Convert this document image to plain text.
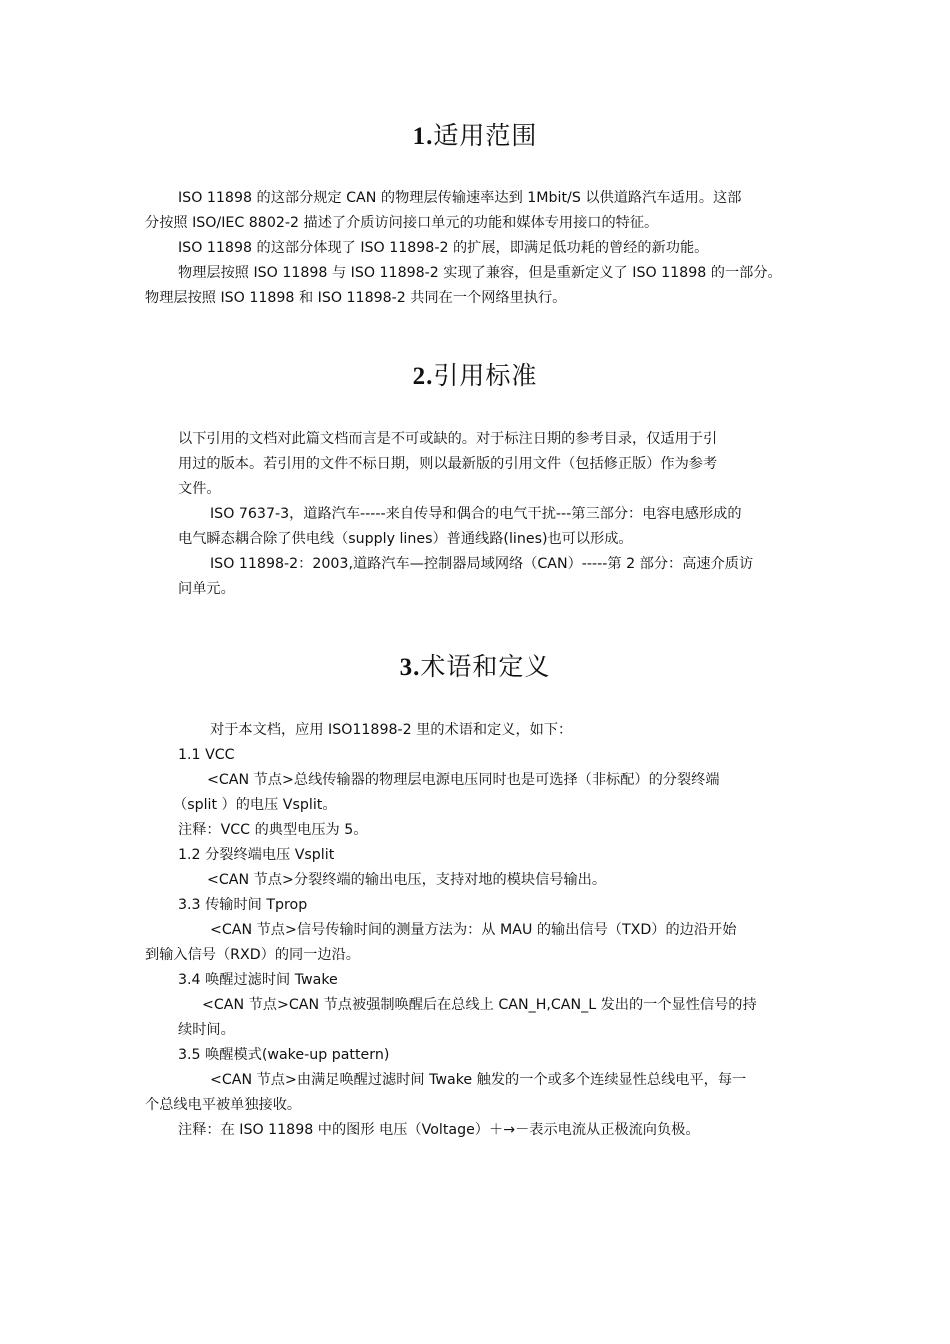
1.适用范围
ISO 11898 的这部分规定 CAN 的物理层传输速率达到 1Mbit/S 以供道路汽车适用。这部
分按照 ISO/IEC 8802-2 描述了介质访问接口单元的功能和媒体专用接口的特征。
ISO 11898 的这部分体现了 ISO 11898-2 的扩展，即满足低功耗的曾经的新功能。
物理层按照 ISO 11898 与 ISO 11898-2 实现了兼容，但是重新定义了 ISO 11898 的一部分。
物理层按照 ISO 11898 和 ISO 11898-2 共同在一个网络里执行。
2.引用标准
以下引用的文档对此篇文档而言是不可或缺的。对于标注日期的参考目录，仅适用于引
用过的版本。若引用的文件不标日期，则以最新版的引用文件（包括修正版）作为参考
文件。
ISO 7637-3，道路汽车-----来自传导和偶合的电气干扰---第三部分：电容电感形成的
电气瞬态耦合除了供电线（supply lines）普通线路(lines)也可以形成。
ISO 11898-2：2003,道路汽车—控制器局域网络（CAN）-----第 2 部分：高速介质访
问单元。
3.术语和定义
对于本文档，应用 ISO11898-2 里的术语和定义，如下：
1.1 VCC
<CAN 节点>总线传输器的物理层电源电压同时也是可选择（非标配）的分裂终端
（split ）的电压 Vsplit。
注释：VCC 的典型电压为 5。
1.2 分裂终端电压 Vsplit
<CAN 节点>分裂终端的输出电压，支持对地的模块信号输出。
3.3 传输时间 Tprop
<CAN 节点>信号传输时间的测量方法为：从 MAU 的输出信号（TXD）的边沿开始
到输入信号（RXD）的同一边沿。
3.4 唤醒过滤时间 Twake
<CAN 节点>CAN 节点被强制唤醒后在总线上 CAN_H,CAN_L 发出的一个显性信号的持
续时间。
3.5 唤醒模式(wake-up pattern)
<CAN 节点>由满足唤醒过滤时间 Twake 触发的一个或多个连续显性总线电平，每一
个总线电平被单独接收。
注释：在 ISO 11898 中的图形 电压（Voltage）＋→－表示电流从正极流向负极。
